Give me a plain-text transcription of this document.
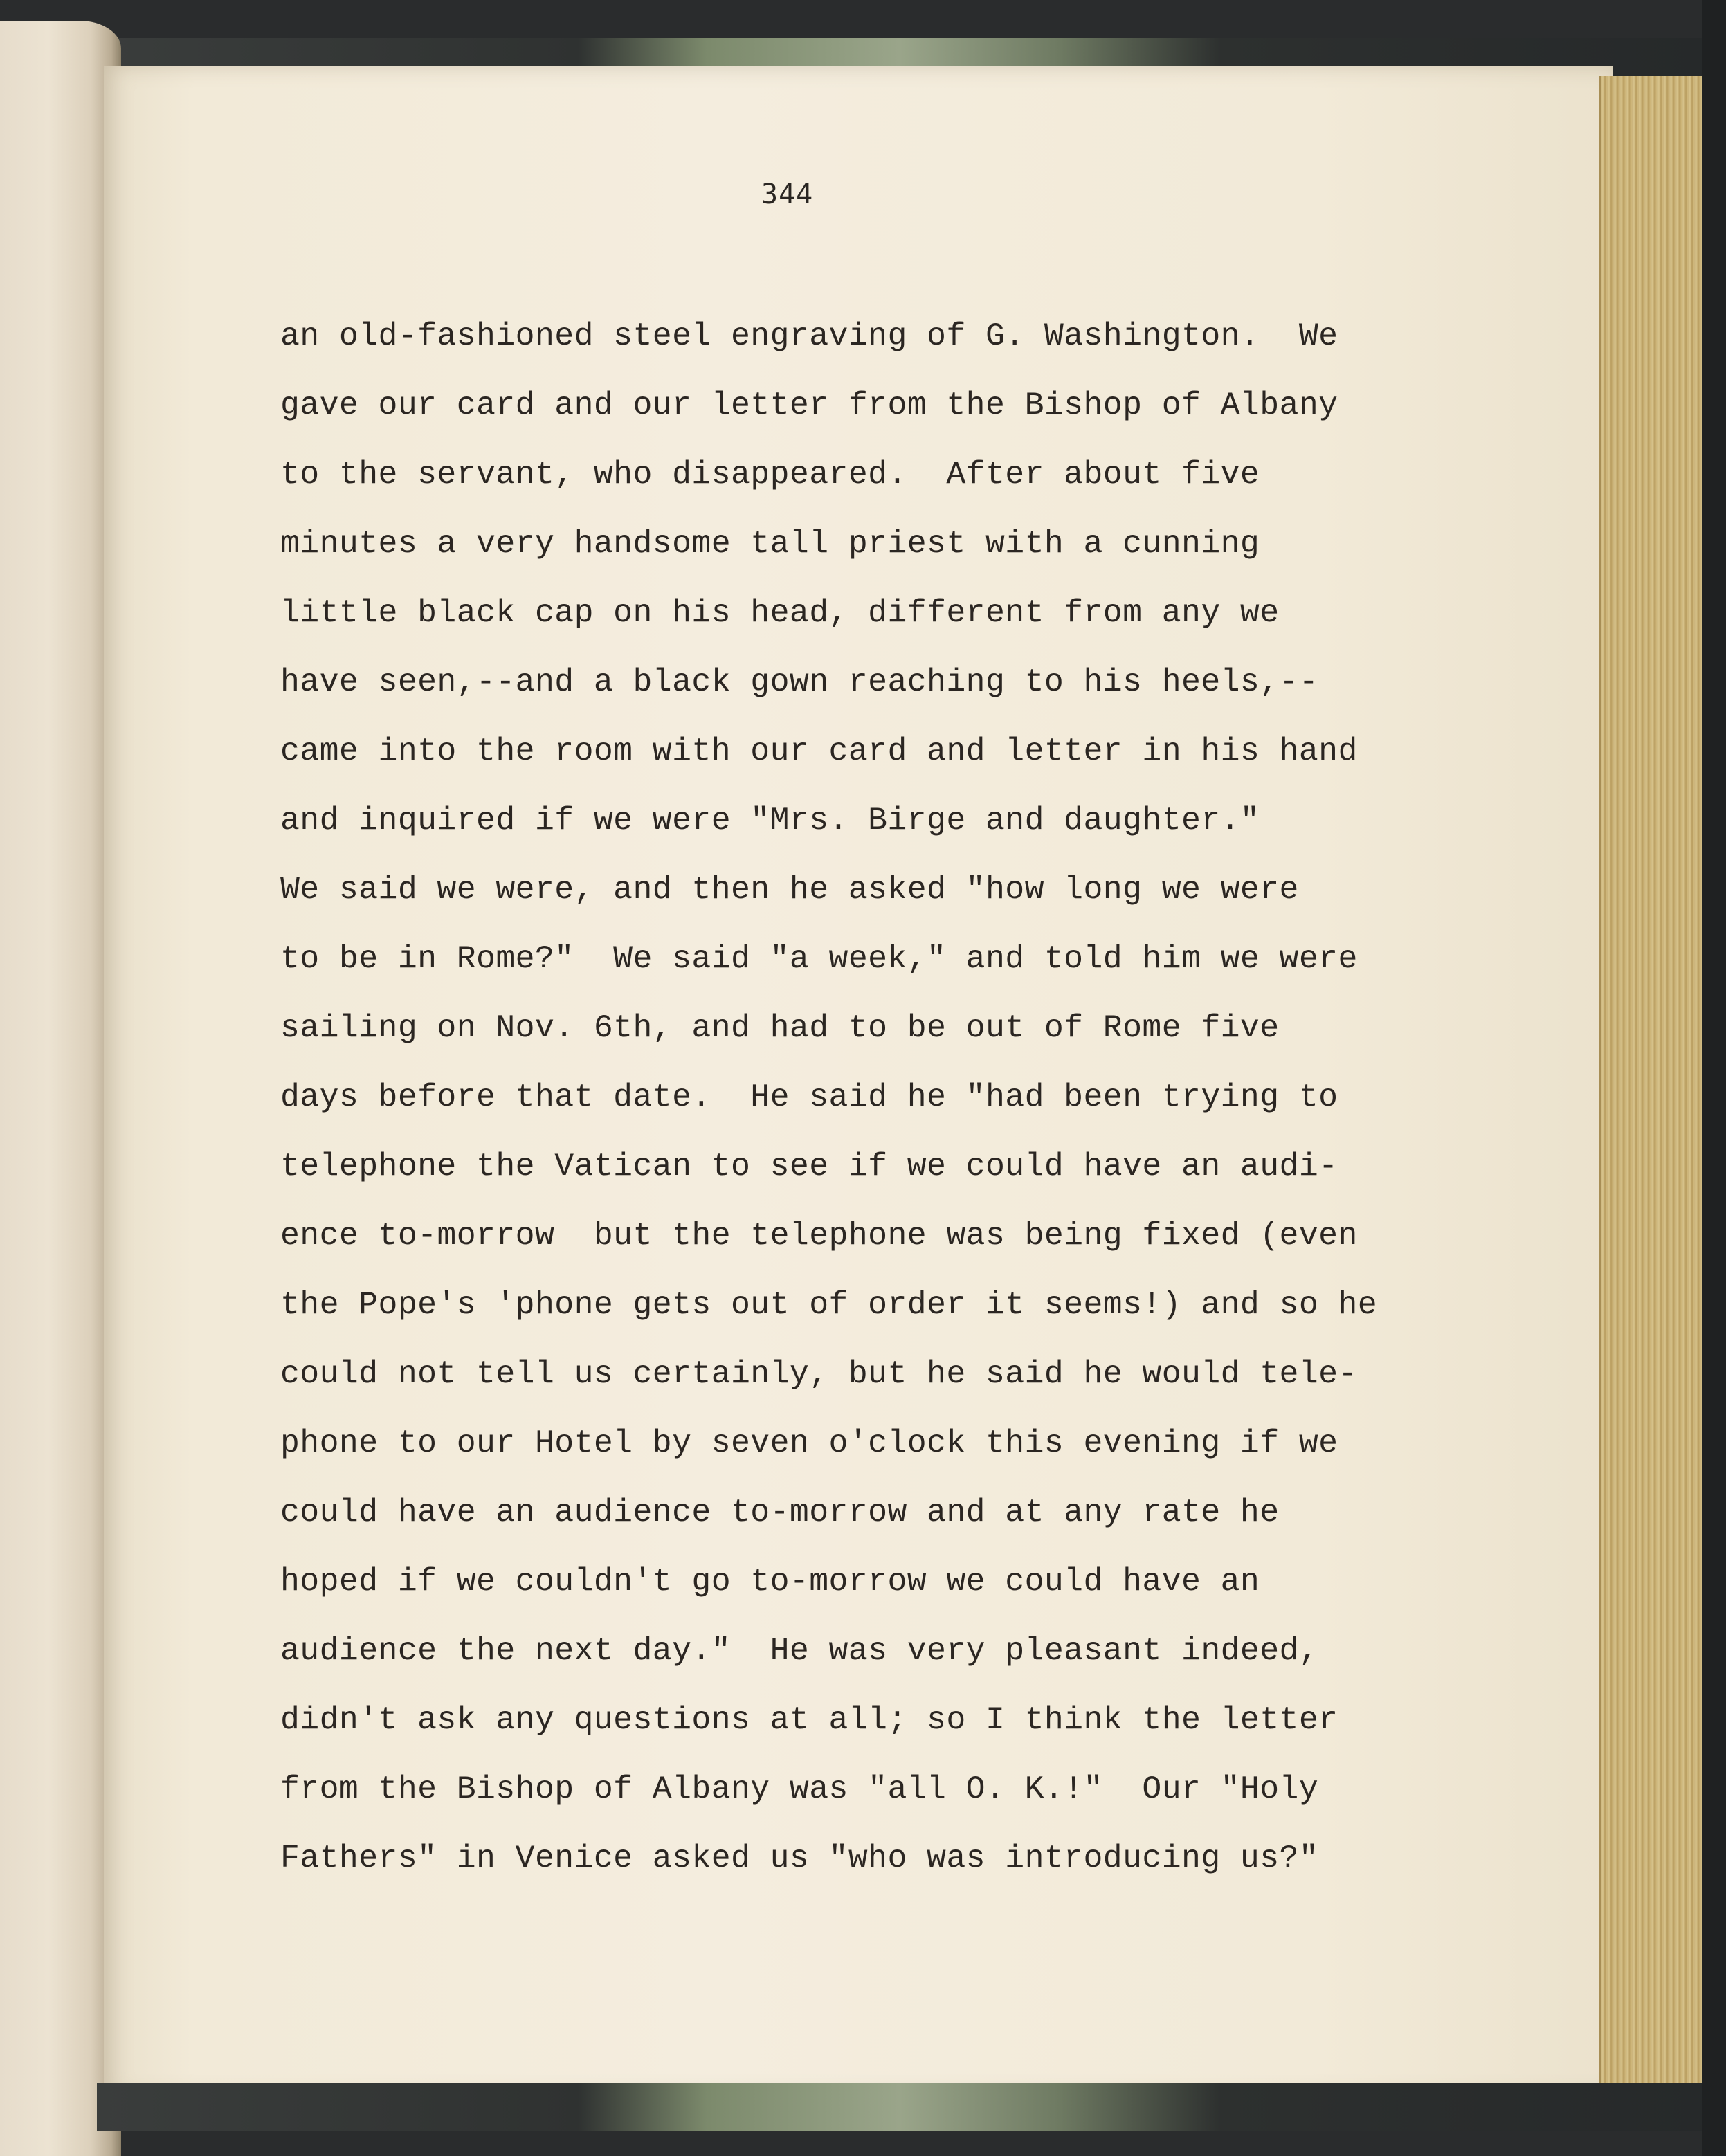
344
an old-fashioned steel engraving of G. Washington.  We
gave our card and our letter from the Bishop of Albany
to the servant, who disappeared.  After about five
minutes a very handsome tall priest with a cunning
little black cap on his head, different from any we
have seen,--and a black gown reaching to his heels,--
came into the room with our card and letter in his hand
and inquired if we were "Mrs. Birge and daughter."
We said we were, and then he asked "how long we were
to be in Rome?"  We said "a week," and told him we were
sailing on Nov. 6th, and had to be out of Rome five
days before that date.  He said he "had been trying to
telephone the Vatican to see if we could have an audi-
ence to-morrow  but the telephone was being fixed (even
the Pope's 'phone gets out of order it seems!) and so he
could not tell us certainly, but he said he would tele-
phone to our Hotel by seven o'clock this evening if we
could have an audience to-morrow and at any rate he
hoped if we couldn't go to-morrow we could have an
audience the next day."  He was very pleasant indeed,
didn't ask any questions at all; so I think the letter
from the Bishop of Albany was "all O. K.!"  Our "Holy
Fathers" in Venice asked us "who was introducing us?"
